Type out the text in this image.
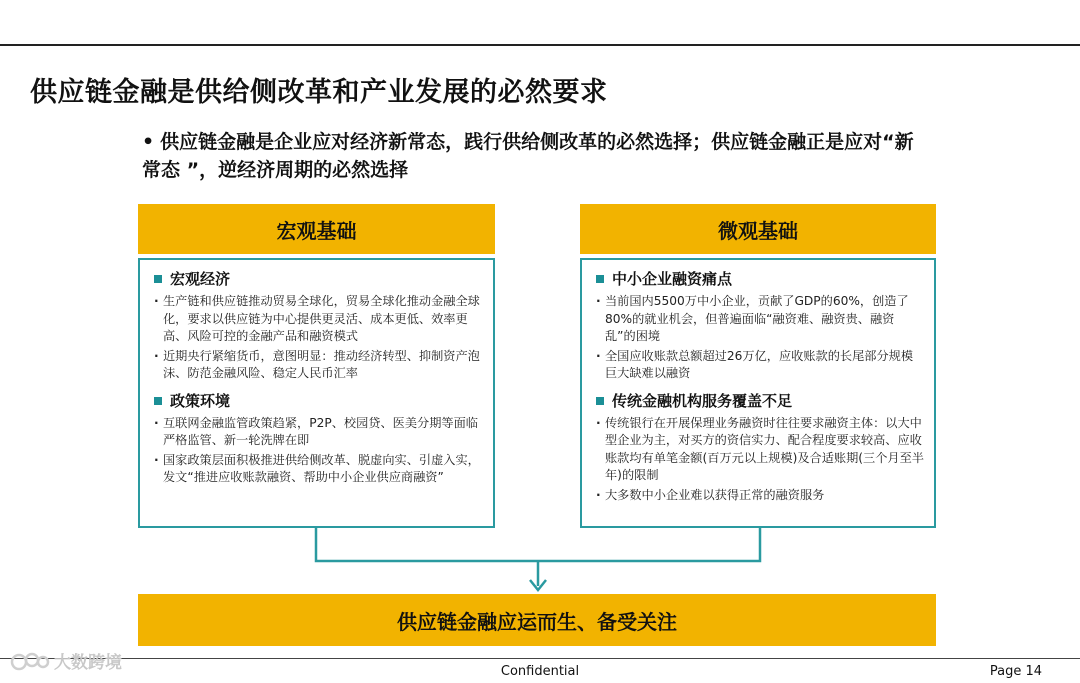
供应链金融是供给侧改革和产业发展的必然要求

• 供应链金融是企业应对经济新常态，践行供给侧改革的必然选择；供应链金融正是应对“新常态 ”，逆经济周期的必然选择

宏观基础	微观基础
宏观经济
· 生产链和供应链推动贸易全球化，贸易全球化推动金融全球化，要求以供应链为中心提供更灵活、成本更低、效率更高、风险可控的金融产品和融资模式
· 近期央行紧缩货币，意图明显：推动经济转型、抑制资产泡沫、防范金融风险、稳定人民币汇率
政策环境
· 互联网金融监管政策趋紧，P2P、校园贷、医美分期等面临严格监管、新一轮洗牌在即
· 国家政策层面积极推进供给侧改革、脱虚向实、引虚入实，发文“推进应收账款融资、帮助中小企业供应商融资”
中小企业融资痛点
· 当前国内5500万中小企业，贡献了GDP的60%，创造了80%的就业机会，但普遍面临“融资难、融资贵、融资乱”的困境
· 全国应收账款总额超过26万亿，应收账款的长尾部分规模巨大缺难以融资
传统金融机构服务覆盖不足
· 传统银行在开展保理业务融资时往往要求融资主体：以大中型企业为主，对买方的资信实力、配合程度要求较高、应收账款均有单笔金额(百万元以上规模)及合适账期(三个月至半年)的限制
· 大多数中小企业难以获得正常的融资服务
供应链金融应运而生、备受关注
大数跨境	Confidential	Page 14
